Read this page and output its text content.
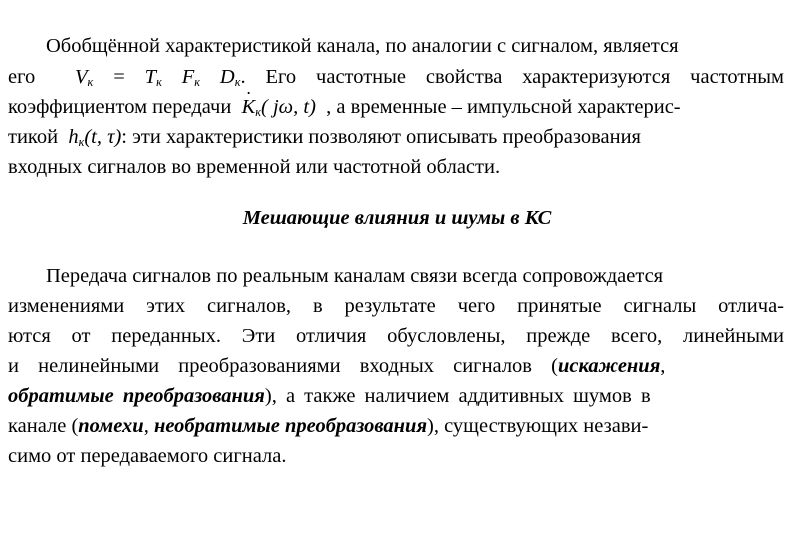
Обобщённой характеристикой канала, по аналогии с сигналом, является
его $V_к = T_к$ $F_к$ $D_к$. Его частотные свойства характеризуются частотным
коэффициентом передачи  · $K_к$( jω, t) , а временные – импульсной характерис-
тикой $h_к(t$, τ): эти характеристики позволяют описывать преобразования
входных сигналов во временной или частотной области.
Мешающие влияния и шумы в КС
Передача сигналов по реальным каналам связи всегда сопровождается
изменениями этих сигналов, в результате чего принятые сигналы отлича-
ются от переданных. Эти отличия обусловлены, прежде всего, линейными
и нелинейными преобразованиями входных сигналов (искажения,
обратимые преобразования), а также наличием аддитивных шумов в
канале (помехи, необратимые преобразования), существующих незави-
симо от передаваемого сигнала.
